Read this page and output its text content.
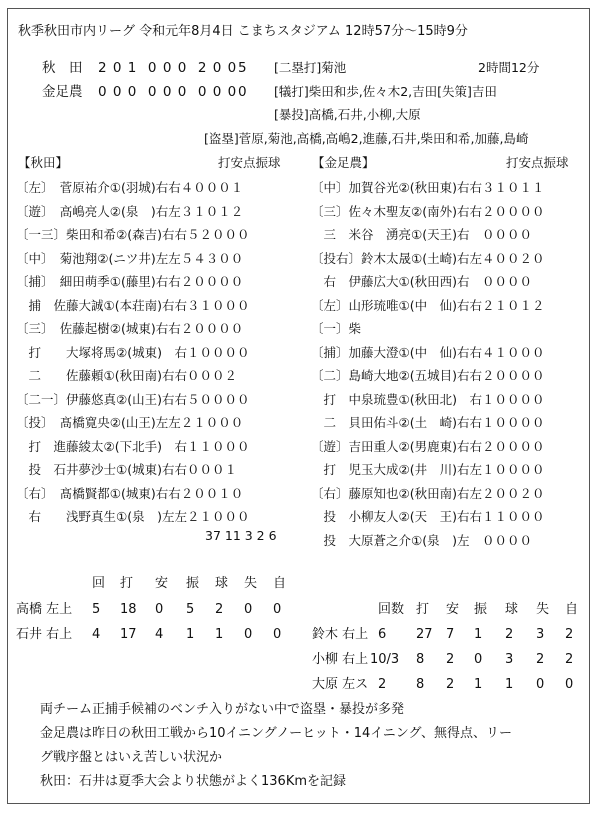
秋季秋田市内リーグ 令和元年8月4日 こまちスタジアム 12時57分～15時9分
秋　田 2 0 1  0 0 0  2 0 0 5
金足農 0 0 0  0 0 0  0 0 0 0
[二塁打]菊池	2時間12分
[犠打]柴田和歩,佐々木2,吉田[失策]吉田
[暴投]高橋,石井,小柳,大原
[盗塁]菅原,菊池,高橋,高嶋2,進藤,石井,柴田和希,加藤,島崎
【秋田】	打安点振球	【金足農】	打安点振球
〔左〕　菅原祐介①(羽城)右右４０００１
〔遊〕　高嶋亮人②(泉　)右左３１０１２
〔一三〕柴田和希②(森吉)右右５２０００
〔中〕　菊池翔②(ニツ井)左左５４３００
〔捕〕　細田萌季①(藤里)右右２００００
　捕　佐藤大誠①(本荘南)右右３１０００
〔三〕　佐藤起樹②(城東)右右２００００
　打　　大塚将馬②(城東)　右１００００
　二　　佐藤頼①(秋田南)右右０００２
〔二一〕伊藤悠真②(山王)右右５００００
〔投〕　髙橋寛央②(山王)左左２１０００
　打　進藤綾太②(下北手)　右１１０００
　投　石井夢沙士①(城東)右右０００１
〔右〕　髙橋賢都①(城東)右右２００１０
　右　　浅野真生①(泉　)左左２１０００
37 11 3 2 6
〔中〕加賀谷光②(秋田東)右右３１０１１
〔三〕佐々木聖友②(南外)右右２００００
　三　米谷　湧亮①(天王)右　００００
〔投右〕鈴木太晟①(土崎)右左４００２０
　右　伊藤広大①(秋田西)右　００００
〔左〕山形琉唯①(中　仙)右右２１０１２
〔一〕柴
〔捕〕加藤大澄①(中　仙)右右４１０００
〔二〕島崎大地②(五城目)右右２００００
　打　中泉琉豊①(秋田北)　右１００００
　二　貝田佑斗②(土　崎)右右１００００
〔遊〕吉田重人②(男鹿東)右右２００００
　打　児玉大成②(井　川)右左１００００
〔右〕藤原知也②(秋田南)右左２００２０
　投　小柳友人②(天　王)右右１１０００
　投　大原蒼之介①(泉　)左　００００
回 打 安 振 球 失 自
高橋 左上 5 18 0 5 2 0 0
石井 右上 4 17 4 1 1 0 0
回数 打 安 振 球 失 自
鈴木 右上 6 27 7 1 2 3 2
小柳 右上 10/3 8 2 0 3 2 2
大原 左ス 2 8 2 1 1 0 0
両チーム正捕手候補のベンチ入りがない中で盗塁・暴投が多発
金足農は昨日の秋田工戦から10イニングノーヒット・14イニング、無得点、リー
グ戦序盤とはいえ苦しい状況か
秋田：石井は夏季大会より状態がよく136Kmを記録
